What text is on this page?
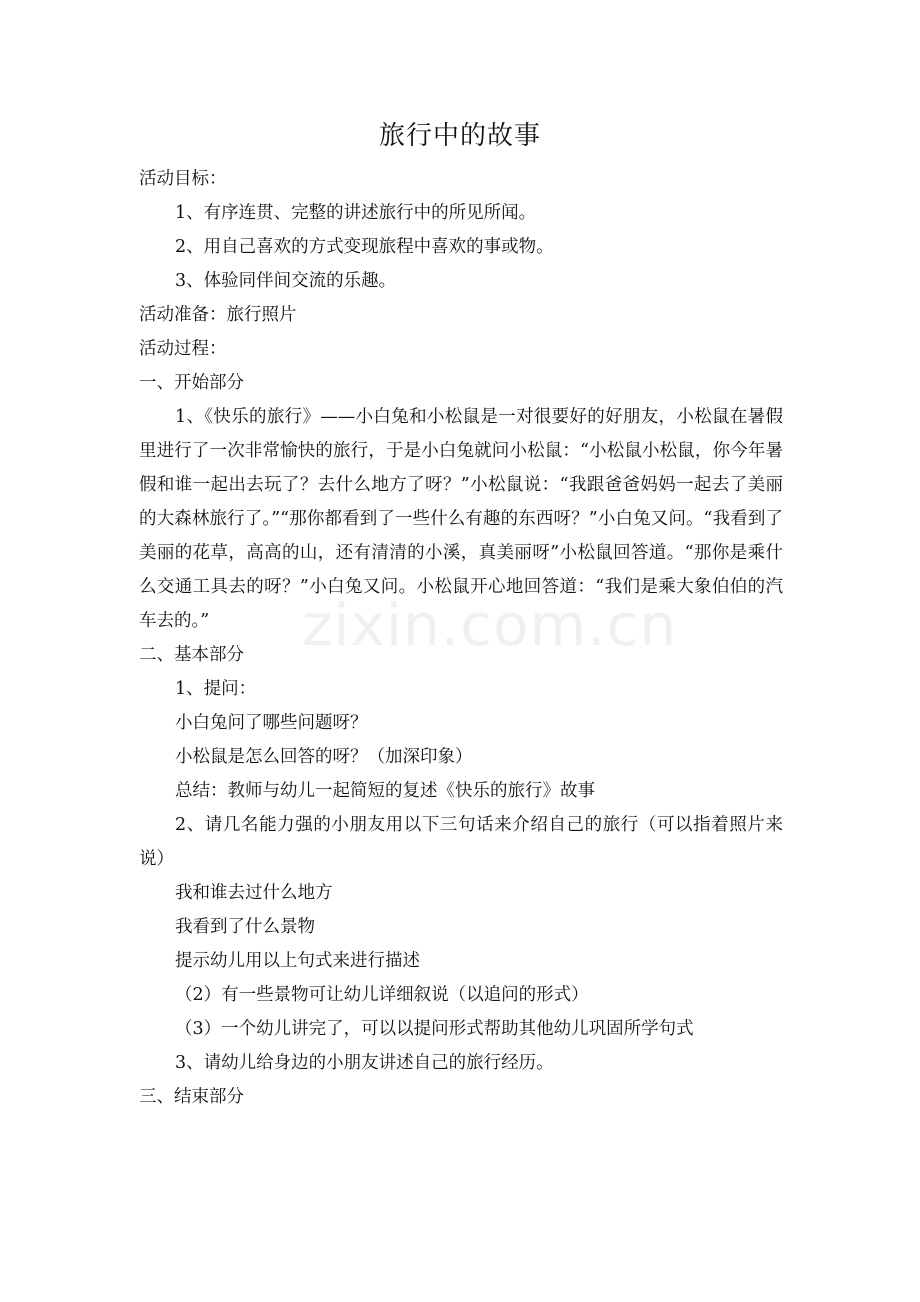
旅行中的故事

活动目标：

1、有序连贯、完整的讲述旅行中的所见所闻。

2、用自己喜欢的方式变现旅程中喜欢的事或物。

3、体验同伴间交流的乐趣。

活动准备：旅行照片

活动过程：

一、开始部分

1、《快乐的旅行》——小白兔和小松鼠是一对很要好的好朋友，小松鼠在暑假里进行了一次非常愉快的旅行，于是小白兔就问小松鼠：“小松鼠小松鼠，你今年暑假和谁一起出去玩了？去什么地方了呀？”小松鼠说：“我跟爸爸妈妈一起去了美丽的大森林旅行了。”“那你都看到了一些什么有趣的东西呀？”小白兔又问。“我看到了美丽的花草，高高的山，还有清清的小溪，真美丽呀”小松鼠回答道。“那你是乘什么交通工具去的呀？”小白兔又问。小松鼠开心地回答道：“我们是乘大象伯伯的汽车去的。”

二、基本部分

1、提问：

小白兔问了哪些问题呀？

小松鼠是怎么回答的呀？（加深印象）

总结：教师与幼儿一起简短的复述《快乐的旅行》故事

2、请几名能力强的小朋友用以下三句话来介绍自己的旅行（可以指着照片来说）

我和谁去过什么地方

我看到了什么景物

提示幼儿用以上句式来进行描述

（2）有一些景物可让幼儿详细叙说（以追问的形式）

（3）一个幼儿讲完了，可以以提问形式帮助其他幼儿巩固所学句式

3、请幼儿给身边的小朋友讲述自己的旅行经历。

三、结束部分

zixin.com.cn
